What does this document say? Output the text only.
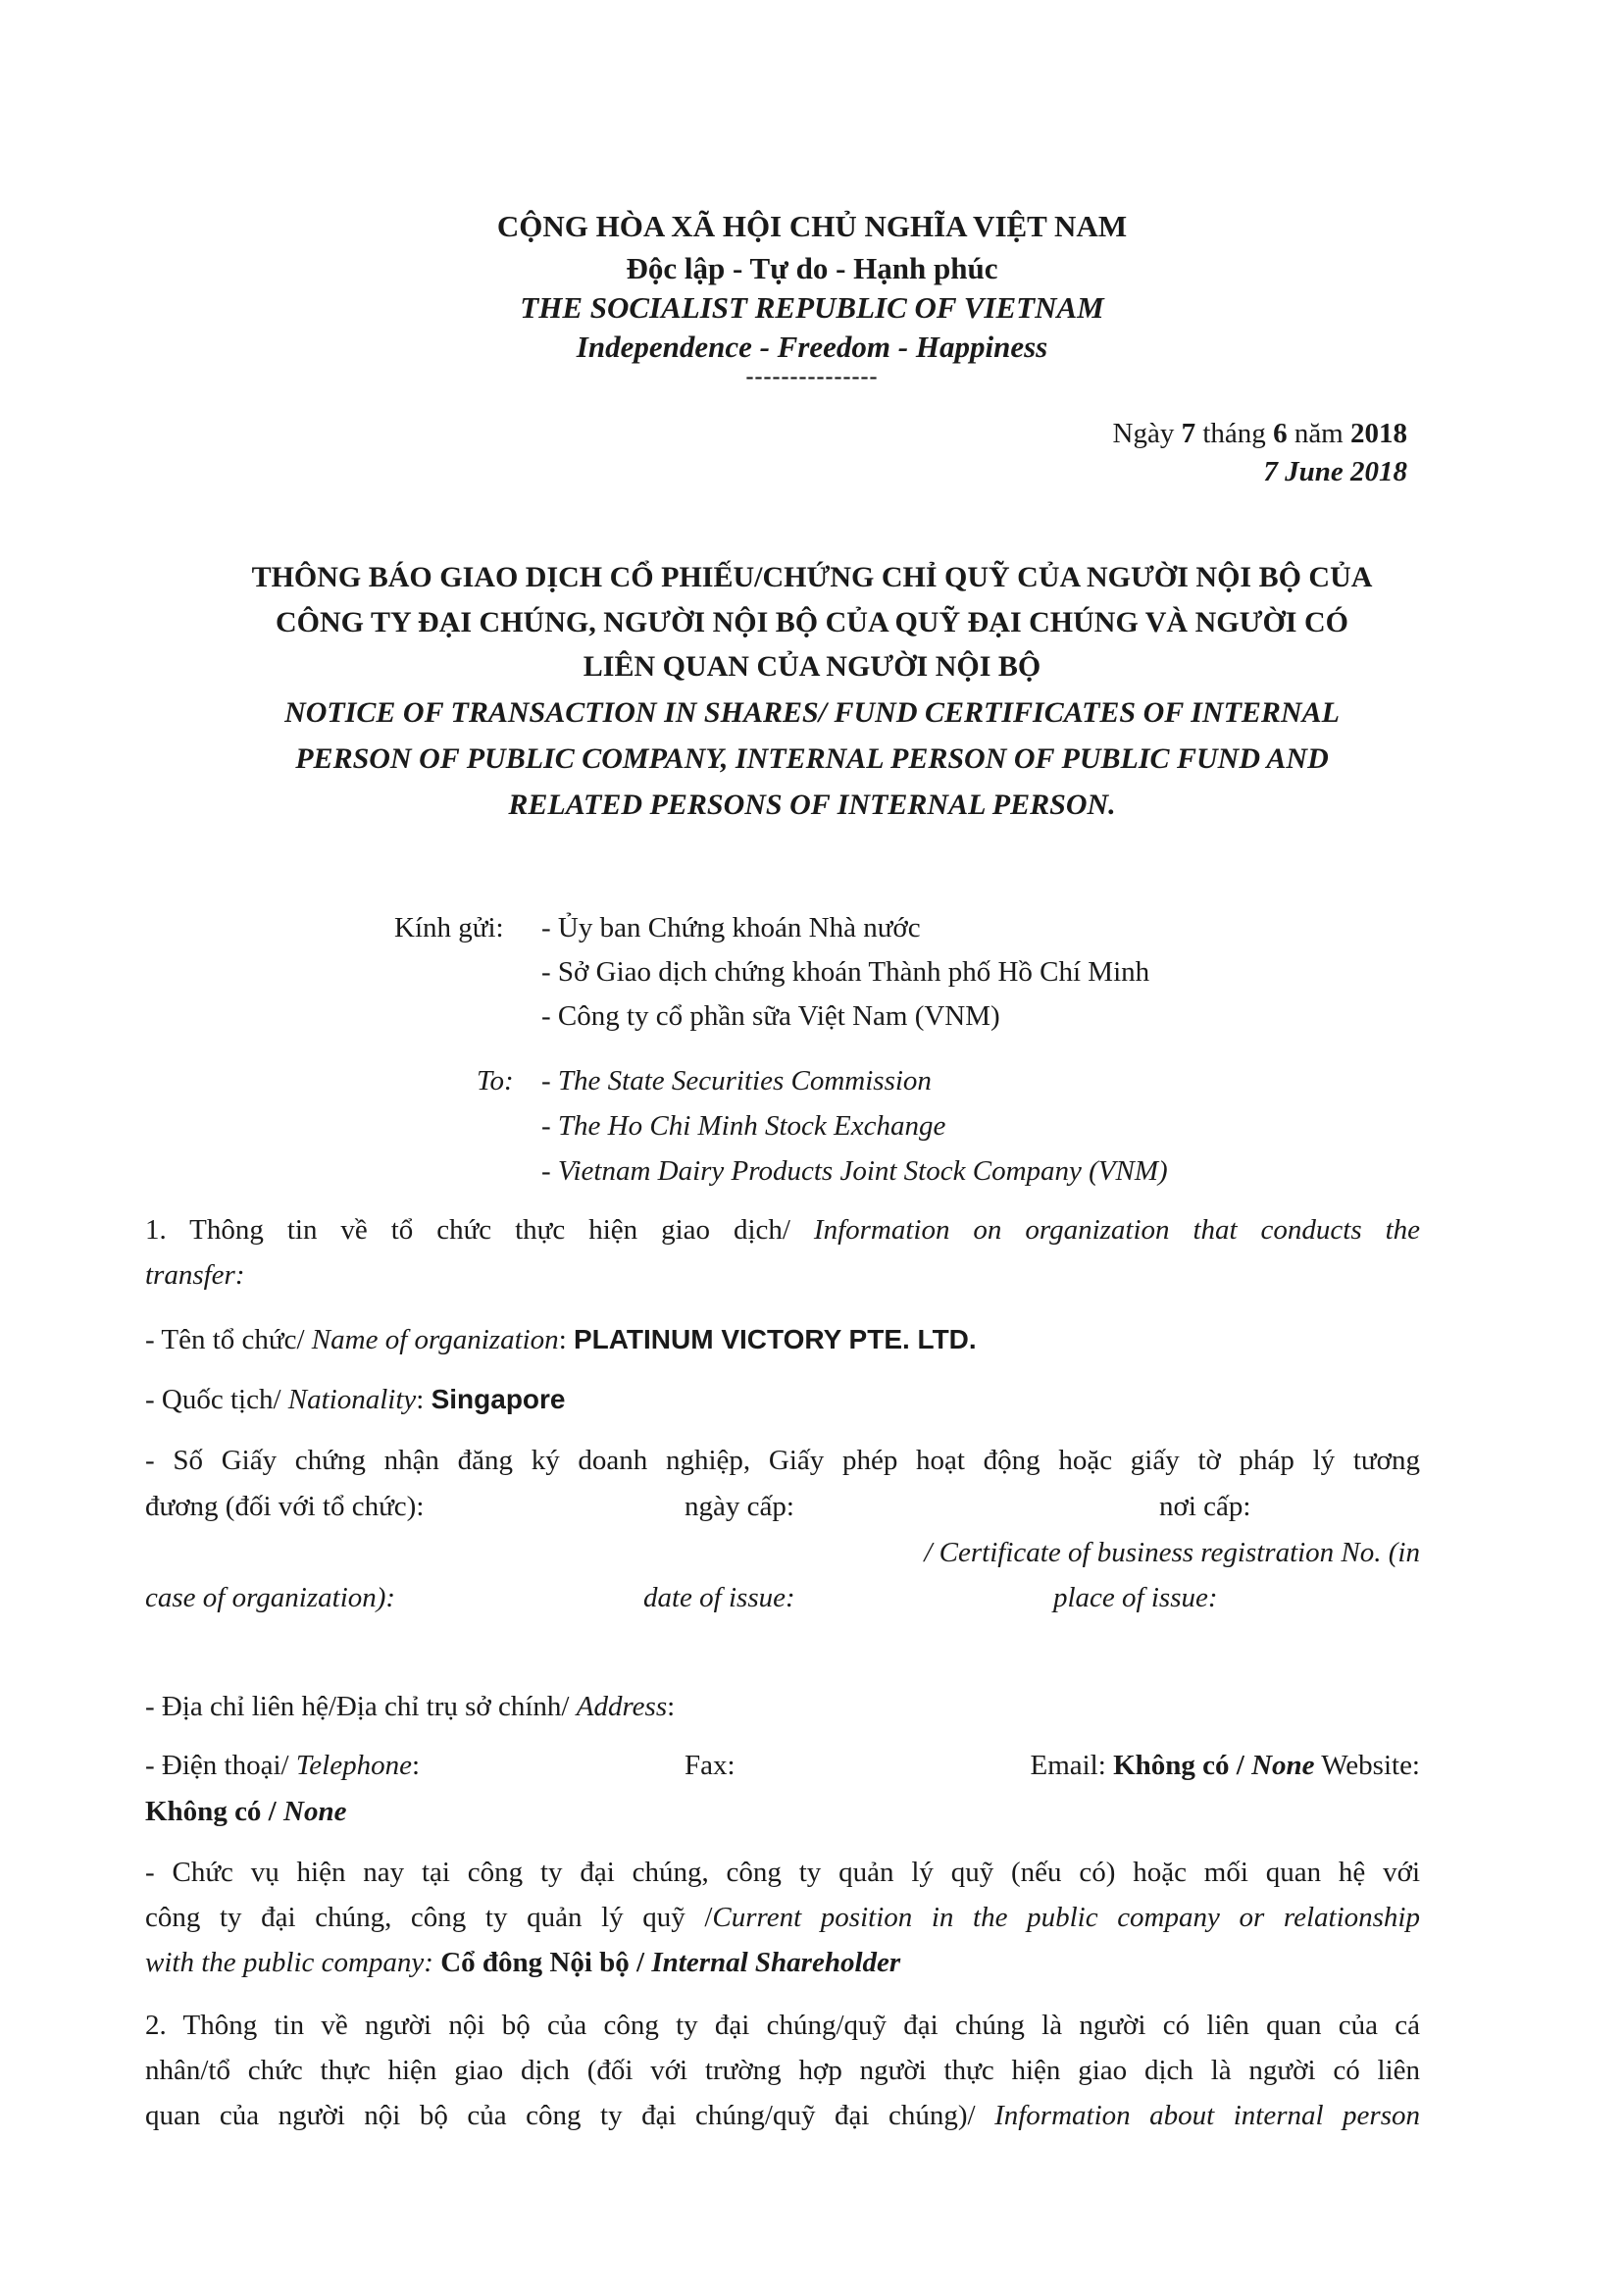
CỘNG HÒA XÃ HỘI CHỦ NGHĨA VIỆT NAM
Độc lập - Tự do - Hạnh phúc
THE SOCIALIST REPUBLIC OF VIETNAM
Independence - Freedom - Happiness
---------------
Ngày 7 tháng 6 năm 2018
7 June 2018
THÔNG BÁO GIAO DỊCH CỔ PHIẾU/CHỨNG CHỈ QUỸ CỦA NGƯỜI NỘI BỘ CỦA
CÔNG TY ĐẠI CHÚNG, NGƯỜI NỘI BỘ CỦA QUỸ ĐẠI CHÚNG VÀ NGƯỜI CÓ
LIÊN QUAN CỦA NGƯỜI NỘI BỘ
NOTICE OF TRANSACTION IN SHARES/ FUND CERTIFICATES OF INTERNAL
PERSON OF PUBLIC COMPANY, INTERNAL PERSON OF PUBLIC FUND AND
RELATED PERSONS OF INTERNAL PERSON.
Kính gửi: - Ủy ban Chứng khoán Nhà nước
- Sở Giao dịch chứng khoán Thành phố Hồ Chí Minh
- Công ty cổ phần sữa Việt Nam (VNM)
To: - The State Securities Commission
- The Ho Chi Minh Stock Exchange
- Vietnam Dairy Products Joint Stock Company (VNM)
1. Thông tin về tổ chức thực hiện giao dịch/ Information on organization that conducts the
transfer:
- Tên tổ chức/ Name of organization: PLATINUM VICTORY PTE. LTD.
- Quốc tịch/ Nationality: Singapore
- Số Giấy chứng nhận đăng ký doanh nghiệp, Giấy phép hoạt động hoặc giấy tờ pháp lý tương
đương (đối với tổ chức):	ngày cấp:	nơi cấp:
/ Certificate of business registration No. (in
case of organization):	date of issue:	place of issue:
- Địa chỉ liên hệ/Địa chỉ trụ sở chính/ Address:
- Điện thoại/ Telephone:	Fax:	Email: Không có / None Website:
Không có / None
- Chức vụ hiện nay tại công ty đại chúng, công ty quản lý quỹ (nếu có) hoặc mối quan hệ với
công ty đại chúng, công ty quản lý quỹ /Current position in the public company or relationship
with the public company: Cổ đông Nội bộ / Internal Shareholder
2. Thông tin về người nội bộ của công ty đại chúng/quỹ đại chúng là người có liên quan của cá
nhân/tổ chức thực hiện giao dịch (đối với trường hợp người thực hiện giao dịch là người có liên
quan của người nội bộ của công ty đại chúng/quỹ đại chúng)/ Information about internal person
